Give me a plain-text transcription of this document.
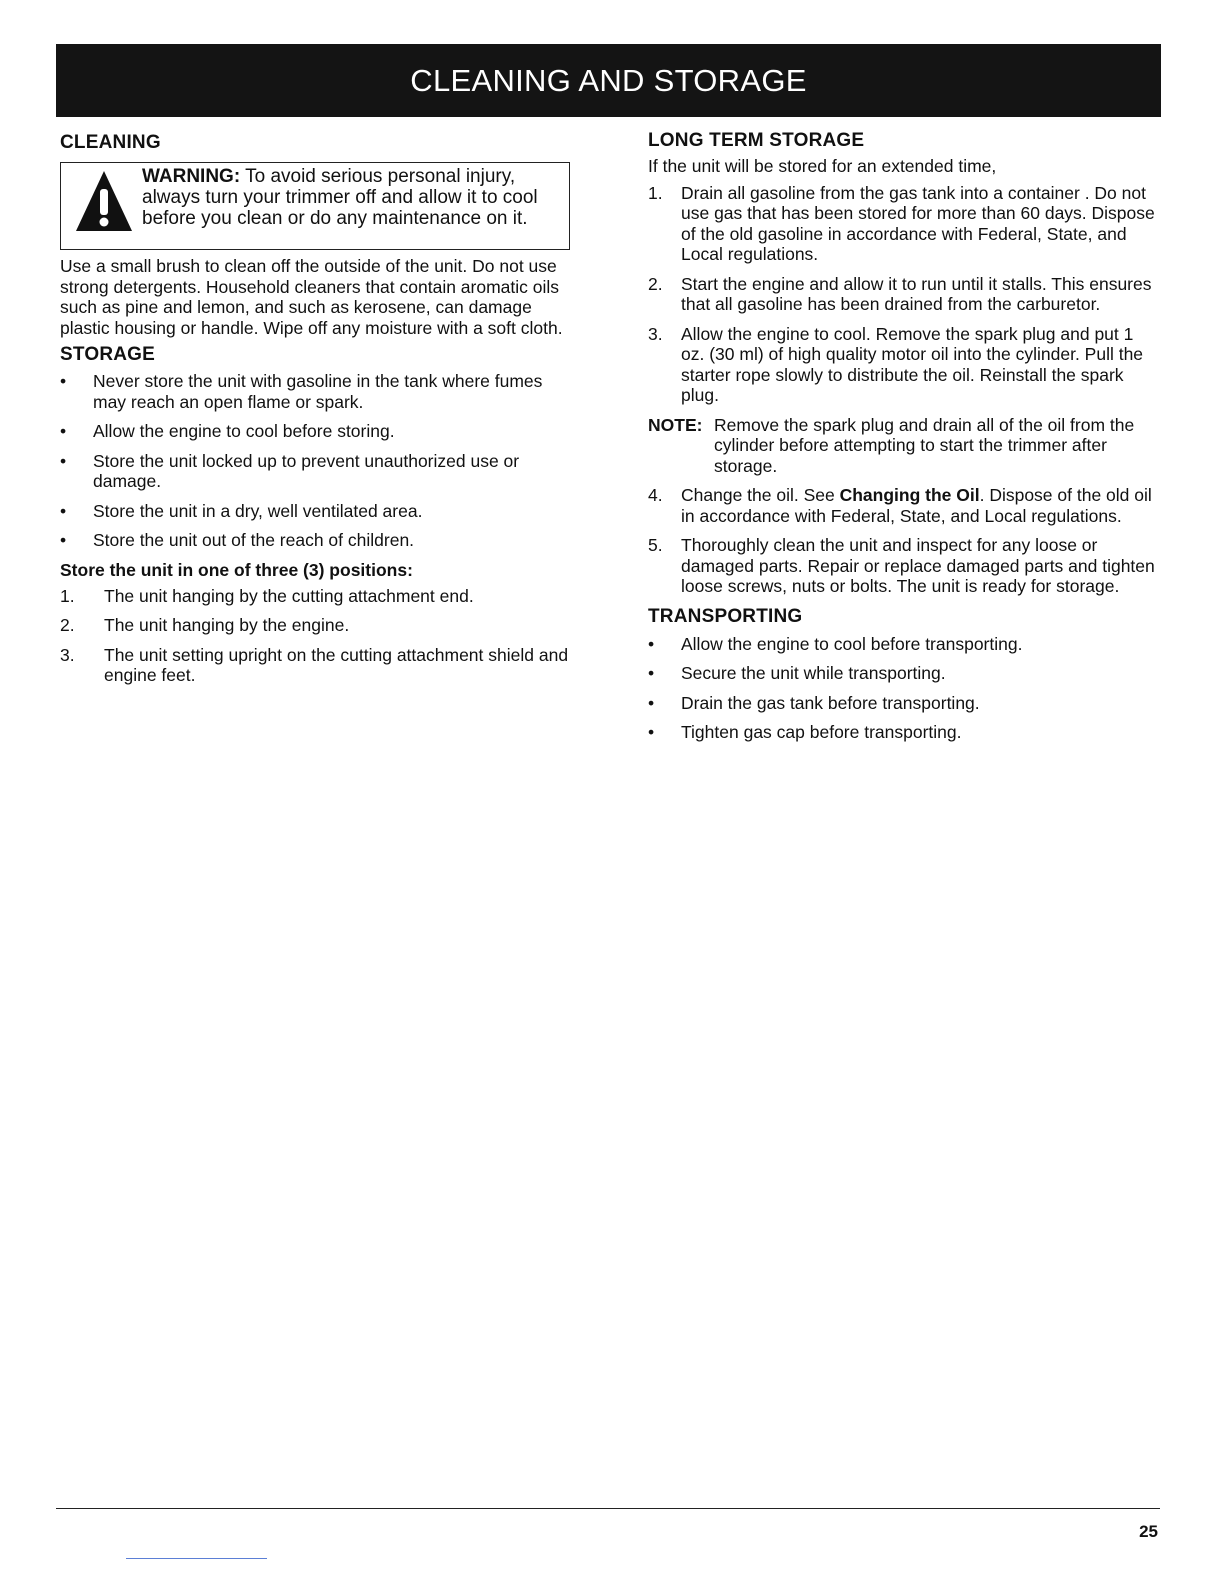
CLEANING AND STORAGE
CLEANING
WARNING: To avoid serious personal injury, always turn your trimmer off and allow it to cool before you clean or do any maintenance on it.

Use a small brush to clean off the outside of the unit. Do not use strong detergents. Household cleaners that contain aromatic oils such as pine and lemon, and such as kerosene, can damage plastic housing or handle. Wipe off any moisture with a soft cloth.

STORAGE
•	Never store the unit with gasoline in the tank where fumes may reach an open flame or spark.
•	Allow the engine to cool before storing.
•	Store the unit locked up to prevent unauthorized use or damage.
•	Store the unit in a dry, well ventilated area.
•	Store the unit out of the reach of children.
Store the unit in one of three (3) positions:
1. The unit hanging by the cutting attachment end.
2. The unit hanging by the engine.
3. The unit setting upright on the cutting attachment shield and engine feet.
LONG TERM STORAGE

If the unit will be stored for an extended time,

1. Drain all gasoline from the gas tank into a container . Do not use gas that has been stored for more than 60 days. Dispose of the old gasoline in accordance with Federal, State, and Local regulations.
2. Start the engine and allow it to run until it stalls. This ensures that all gasoline has been drained from the carburetor.
3. Allow the engine to cool. Remove the spark plug and put 1 oz. (30 ml) of high quality motor oil into the cylinder. Pull the starter rope slowly to distribute the oil. Reinstall the spark plug.
NOTE: Remove the spark plug and drain all of the oil from the cylinder before attempting to start the trimmer after storage.
4. Change the oil. See Changing the Oil. Dispose of the old oil in accordance with Federal, State, and Local regulations.
5. Thoroughly clean the unit and inspect for any loose or damaged parts. Repair or replace damaged parts and tighten loose screws, nuts or bolts. The unit is ready for storage.
TRANSPORTING
•	Allow the engine to cool before transporting.
•	Secure the unit while transporting.
•	Drain the gas tank before transporting.
•	Tighten gas cap before transporting.
25
